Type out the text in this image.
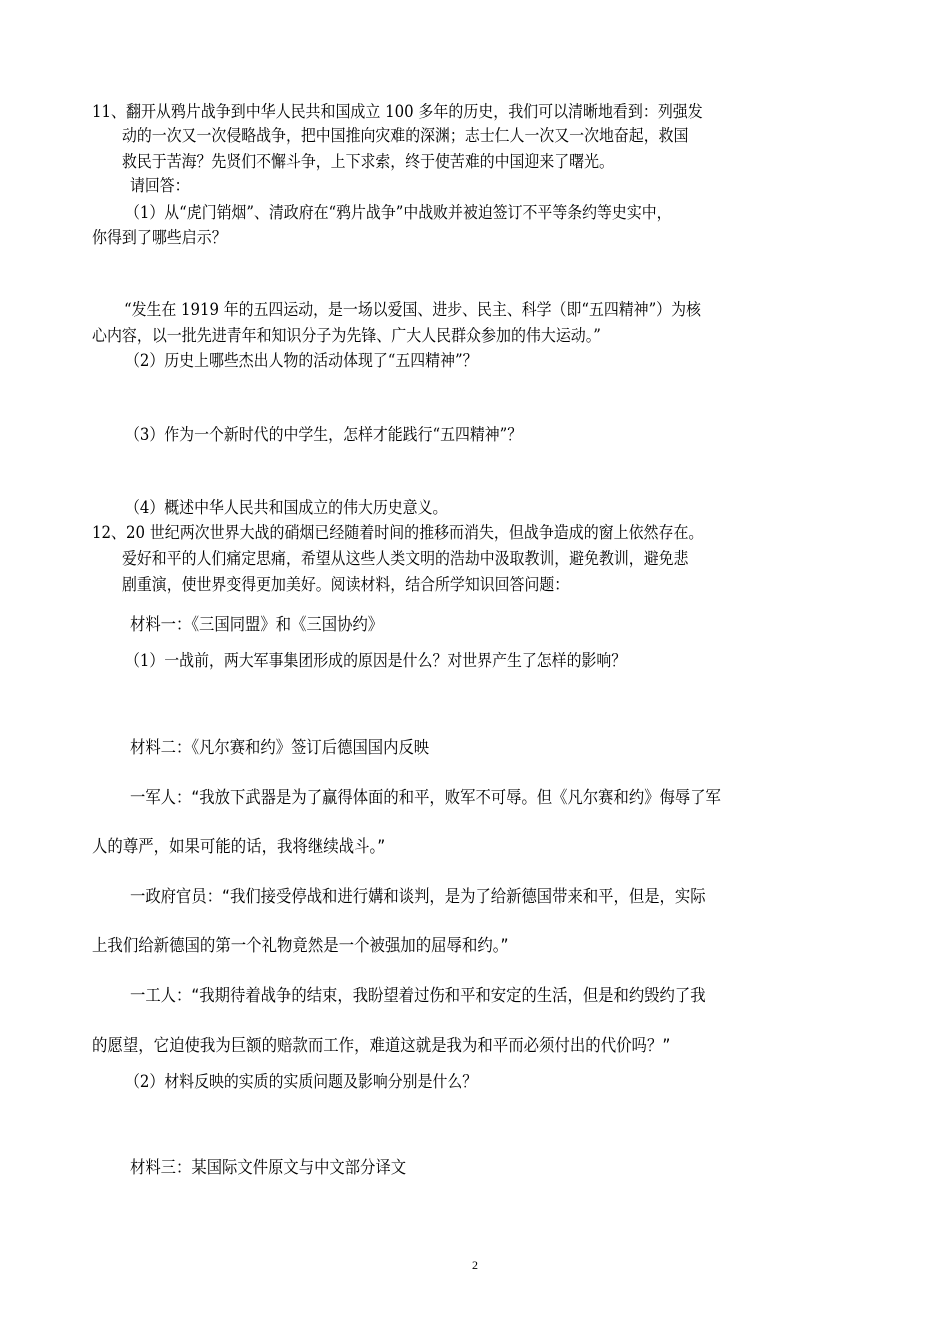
11、翻开从鸦片战争到中华人民共和国成立 100 多年的历史，我们可以清晰地看到：列强发
动的一次又一次侵略战争，把中国推向灾难的深渊；志士仁人一次又一次地奋起，救国
救民于苦海？先贤们不懈斗争，上下求索，终于使苦难的中国迎来了曙光。
请回答：
（1）从“虎门销烟”、清政府在“鸦片战争”中战败并被迫签订不平等条约等史实中，
你得到了哪些启示？
“发生在 1919 年的五四运动，是一场以爱国、进步、民主、科学（即“五四精神”）为核
心内容，以一批先进青年和知识分子为先锋、广大人民群众参加的伟大运动。”
（2）历史上哪些杰出人物的活动体现了“五四精神”？
（3）作为一个新时代的中学生，怎样才能践行“五四精神”？
（4）概述中华人民共和国成立的伟大历史意义。
12、20 世纪两次世界大战的硝烟已经随着时间的推移而消失，但战争造成的窗上依然存在。
爱好和平的人们痛定思痛，希望从这些人类文明的浩劫中汲取教训，避免教训，避免悲
剧重演，使世界变得更加美好。阅读材料，结合所学知识回答问题：
材料一：《三国同盟》和《三国协约》
（1）一战前，两大军事集团形成的原因是什么？对世界产生了怎样的影响？
材料二：《凡尔赛和约》签订后德国国内反映
一军人：“我放下武器是为了赢得体面的和平，败军不可辱。但《凡尔赛和约》侮辱了军
人的尊严，如果可能的话，我将继续战斗。”
一政府官员：“我们接受停战和进行媾和谈判，是为了给新德国带来和平，但是，实际
上我们给新德国的第一个礼物竟然是一个被强加的屈辱和约。”
一工人：“我期待着战争的结束，我盼望着过伤和平和安定的生活，但是和约毁约了我
的愿望，它迫使我为巨额的赔款而工作，难道这就是我为和平而必须付出的代价吗？”
（2）材料反映的实质的实质问题及影响分别是什么？
材料三：某国际文件原文与中文部分译文
2
